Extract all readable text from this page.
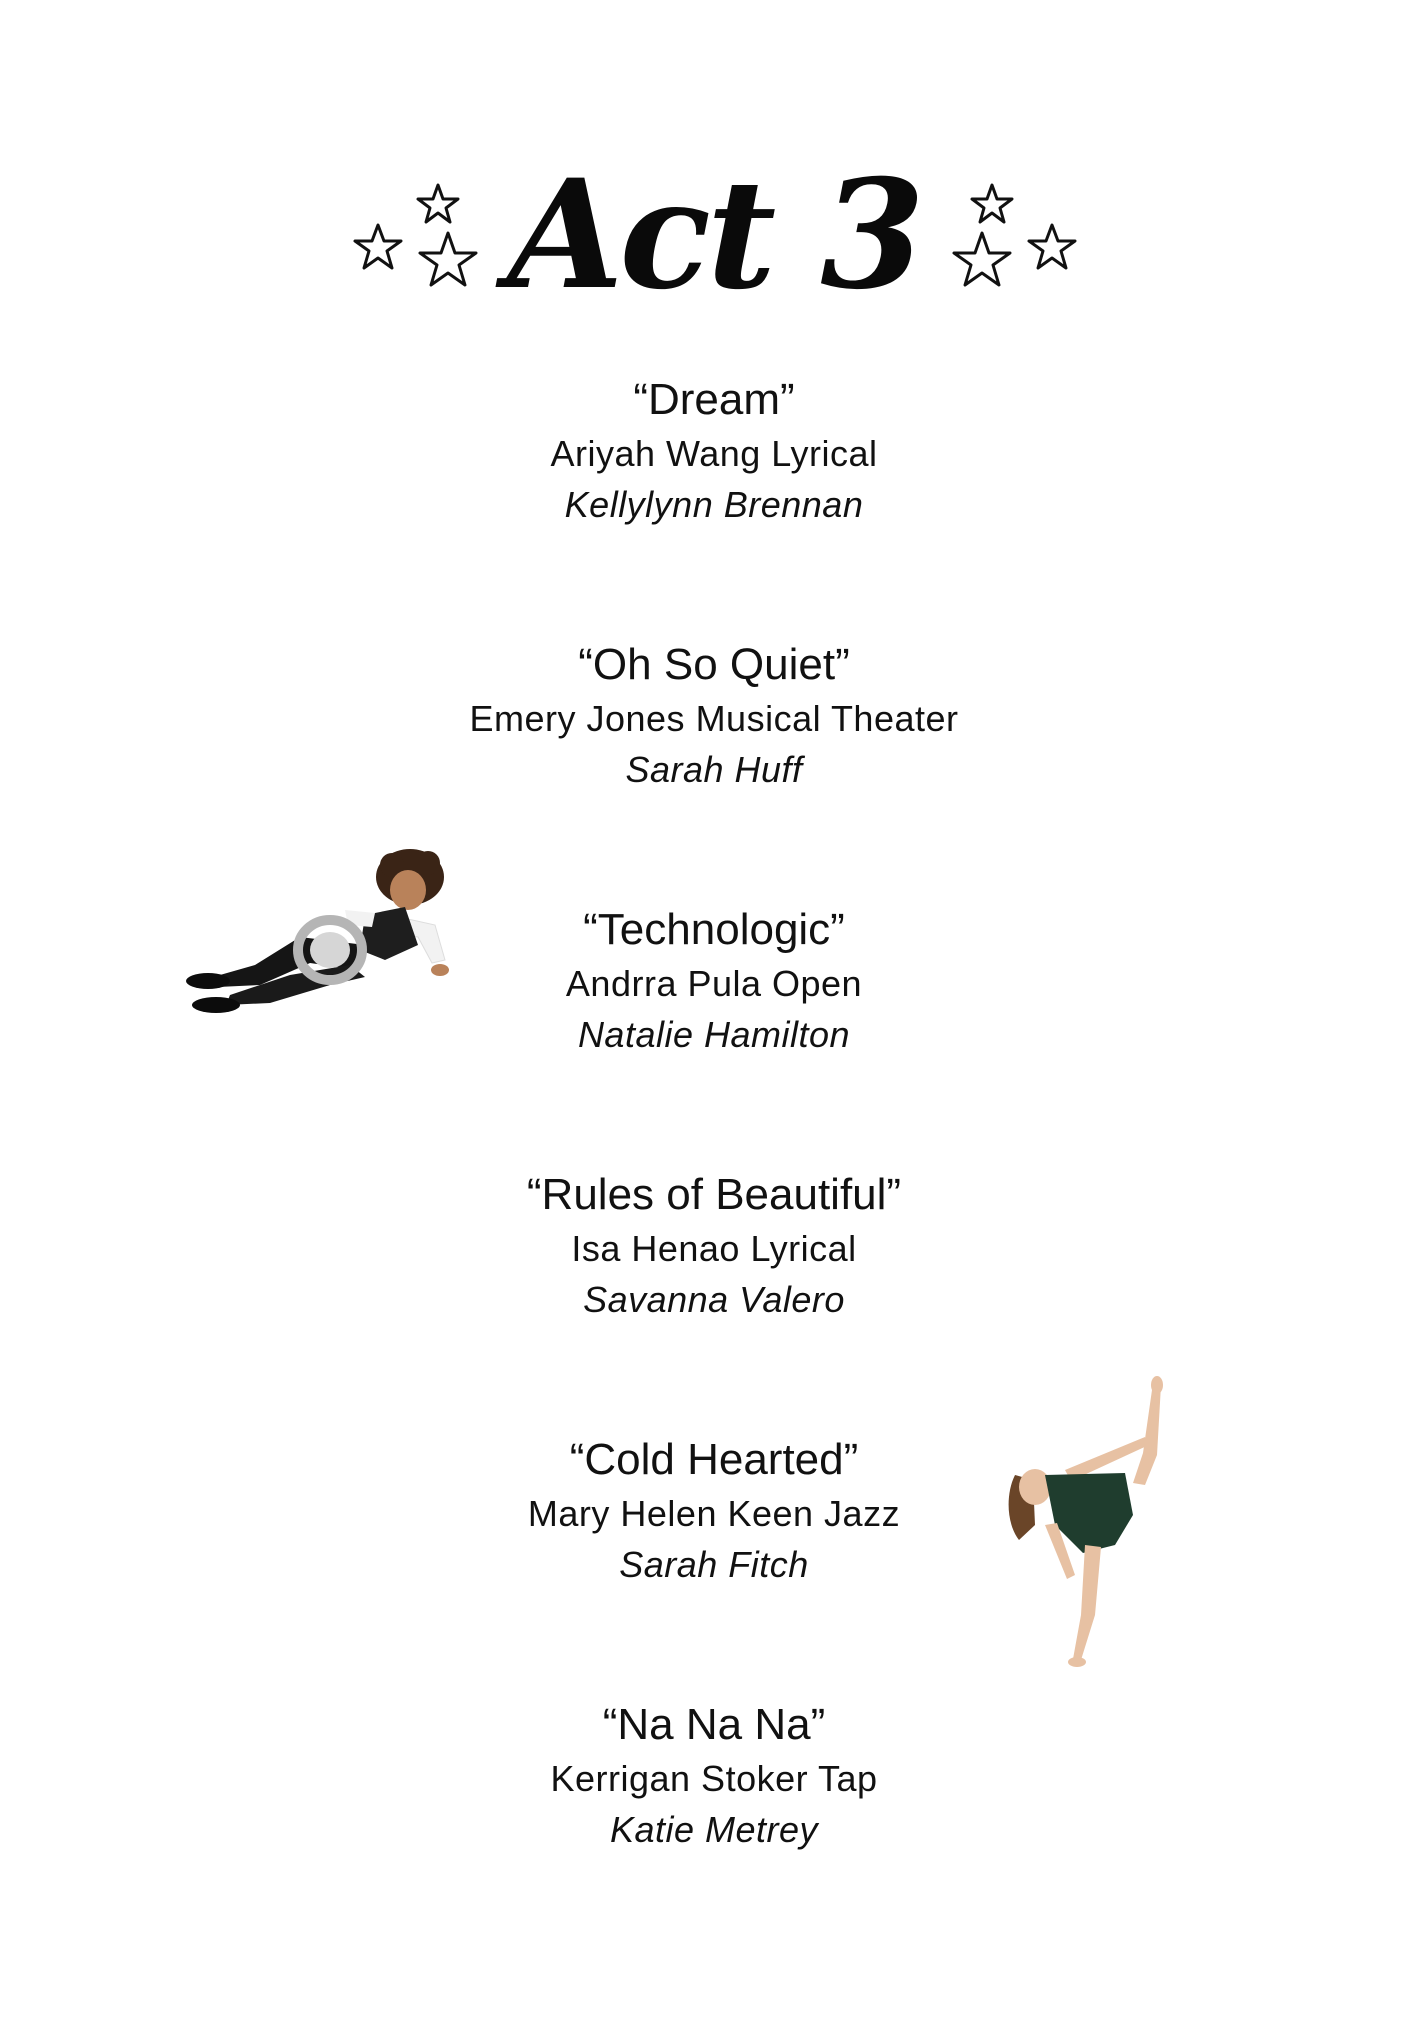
Act 3
“Dream”
Ariyah Wang Lyrical
Kellylynn Brennan
“Oh So Quiet”
Emery Jones Musical Theater
Sarah Huff
“Technologic”
Andrra Pula Open
Natalie Hamilton
“Rules of Beautiful”
Isa Henao Lyrical
Savanna Valero
“Cold Hearted”
Mary Helen Keen Jazz
Sarah Fitch
“Na Na Na”
Kerrigan Stoker Tap
Katie Metrey
